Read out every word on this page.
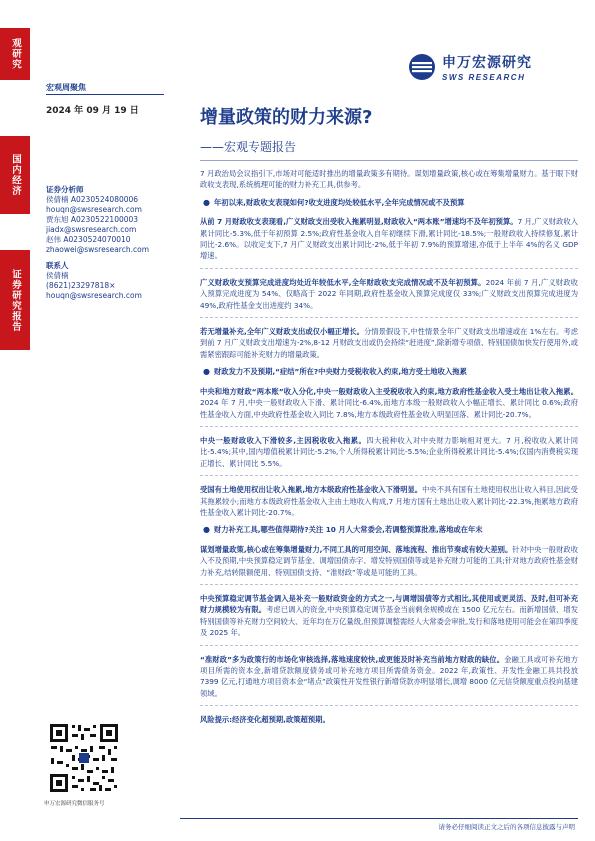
观研究
国内经济
证券研究报告
申万宏源研究
SWS RESEARCH
宏观周聚焦
2024 年 09 月 19 日
证券分析师
侯倩楠 A0230524080006
houqn@swsresearch.com
贾东旭 A0230522100003
jiadx@swsresearch.com
赵伟 A0230524070010
zhaowei@swsresearch.com
联系人
侯倩楠
(8621)23297818×
houqn@swsresearch.com
申万宏源研究微信服务号
增量政策的财力来源?
——宏观专题报告

7 月政治局会议指引下,市场对可能适时推出的增量政策多有期待。谋划增量政策,核心或在筹集增量财力。基于眼下财政收支表现,系统梳理可能的财力补充工具,供参考。

● 年初以来,财政收支表现如何?收支进度均处较低水平,全年完成情况或不及预算

从前 7 月财政收支表现看,广义财政支出受收入拖累明显,财政收入“两本账”增速均不及年初预算。7 月,广义财政收入累计同比-5.3%,低于年初预算 2.5%;政府性基金收入自年初继续下滑,累计同比-18.5%;一般财政收入持续修复,累计同比-2.6%。以收定支下,7 月广义财政支出累计同比-2%,低于年初 7.9%的预算增速,亦低于上半年 4%的名义 GDP 增速。

广义财政收支预算完成进度均处近年较低水平,全年财政收支完成情况或不及年初预算。2024 年前 7 月,广义财政收入预算完成进度为 54%、仅略高于 2022 年同期,政府性基金收入预算完成度仅 33%;广义财政支出预算完成进度为 49%,政府性基金支出进度约 34%。

若无增量补充,全年广义财政支出或仅小幅正增长。分情景假设下,中性情景全年广义财政支出增速或在 1%左右。考虑到前 7 月广义财政支出增速为-2%,8-12 月财政支出或仍会持续“赶进度”,除新增专项债、特别国债加快发行使用外,或需紧密跟踪可能补充财力的增量政策。

● 财政发力不及预期,“症结”所在?中央财力受税收收入约束,地方受土地收入拖累

中央和地方财政“两本账”收入分化,中央一般财政收入主受税收收入约束,地方政府性基金收入受土地出让收入拖累。2024 年 7 月,中央一般财政收入下滑、累计同比-6.4%,而地方本级一般财政收入小幅正增长、累计同比 0.6%;政府性基金收入方面,中央政府性基金收入同比 7.8%,地方本级政府性基金收入明显回落、累计同比-20.7%。

中央一般财政收入下滑较多,主因税收收入拖累。四大税种收入对中央财力影响相对更大。7 月,税收收入累计同比-5.4%;其中,国内增值税累计同比-5.2%,个人所得税累计同比-5.5%;企业所得税累计同比-5.4%;仅国内消费税实现正增长、累计同比 5.5%。

受国有土地使用权出让收入拖累,地方本级政府性基金收入下滑明显。中央不具有国有土地使用权出让收入科目,因此受其拖累较小;而地方本级政府性基金收入主由土地收入构成,7 月地方国有土地出让收入累计同比-22.3%,拖累地方政府性基金收入累计同比-20.7%。

● 财力补充工具,哪些值得期待?关注 10 月人大常委会,若调整预算批准,落地或在年末

谋划增量政策,核心或在筹集增量财力,不同工具的可用空间、落地流程、推出节奏或有较大差别。针对中央一般财政收入不及预期,中央预算稳定调节基金、调增国债赤字、增发特别国债等或是补充财力可能的工具;针对地方政府性基金财力补充,结转限额使用、特别国债支持、“准财政”等或是可能的工具。

中央预算稳定调节基金调入是补充一般财政资金的方式之一,与调增国债等方式相比,其使用或更灵活、及时,但可补充财力规模较为有限。考虑已调入的资金,中央预算稳定调节基金当前剩余规模或在 1500 亿元左右。而新增国债、增发特别国债等补充财力空间较大、近年均在万亿量级,但预算调整需经人大常委会审批,发行和落地使用可能会在第四季度及 2025 年。

“准财政”多为政策行的市场化审核选择,落地速度较快,或更能及时补充当前地方财政的缺位。金融工具或可补充地方项目所需的资本金,新增贷款额度债务或可补充地方项目所需债务资金。2022 年,政策性、开发性金融工具共投放 7399 亿元,打通地方项目资本金“堵点”政策性开发性银行新增贷款亦明显增长,调增 8000 亿元信贷额度重点投向基建领域。

风险提示:经济变化超预期,政策超预期。

请务必仔细阅读正文之后的各项信息披露与声明
